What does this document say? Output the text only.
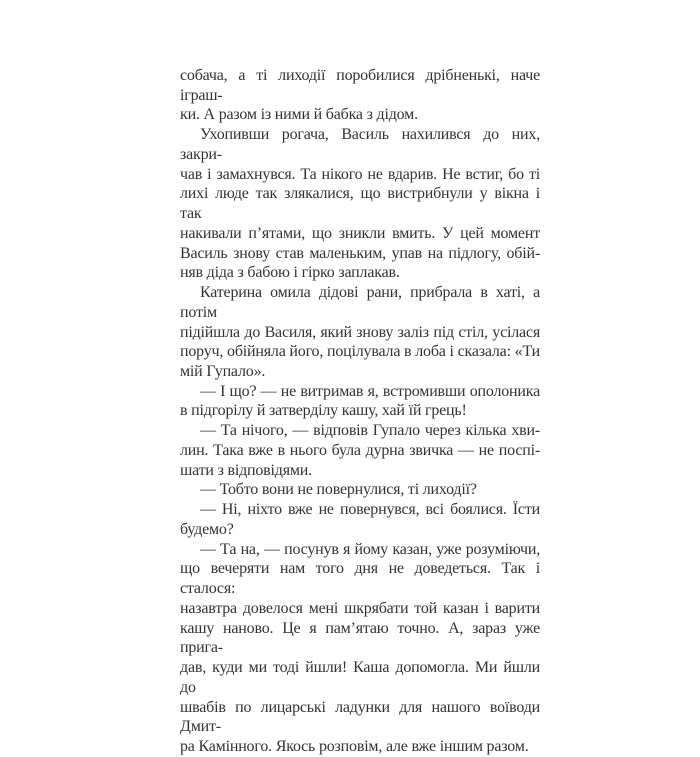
собача, а ті лиходії поробилися дрібненькі, наче іграш-
ки. А разом із ними й бабка з дідом.
Ухопивши рогача, Василь нахилився до них, закри-
чав і замахнувся. Та нікого не вдарив. Не встиг, бо ті
лихі люде так злякалися, що вистрибнули у вікна і так
накивали п’ятами, що зникли вмить. У цей момент
Василь знову став маленьким, упав на підлогу, обій-
няв діда з бабою і гірко заплакав.
Катерина омила дідові рани, прибрала в хаті, а потім
підійшла до Василя, який знову заліз під стіл, усілася
поруч, обійняла його, поцілувала в лоба і сказала: «Ти
мій Гупало».
— І що? — не витримав я, встромивши ополоника
в підгорілу й затверділу кашу, хай їй грець!
— Та нічого, — відповів Гупало через кілька хви-
лин. Така вже в нього була дурна звичка — не поспі-
шати з відповідями.
— Тобто вони не повернулися, ті лиходії?
— Ні, ніхто вже не повернувся, всі боялися. Їсти
будемо?
— Та на, — посунув я йому казан, уже розуміючи,
що вечеряти нам того дня не доведеться. Так і сталося:
назавтра довелося мені шкрябати той казан і варити
кашу наново. Це я пам’ятаю точно. А, зараз уже прига-
дав, куди ми тоді йшли! Каша допомогла. Ми йшли до
швабів по лицарські ладунки для нашого воїводи Дмит-
ра Камінного. Якось розповім, але вже іншим разом.
